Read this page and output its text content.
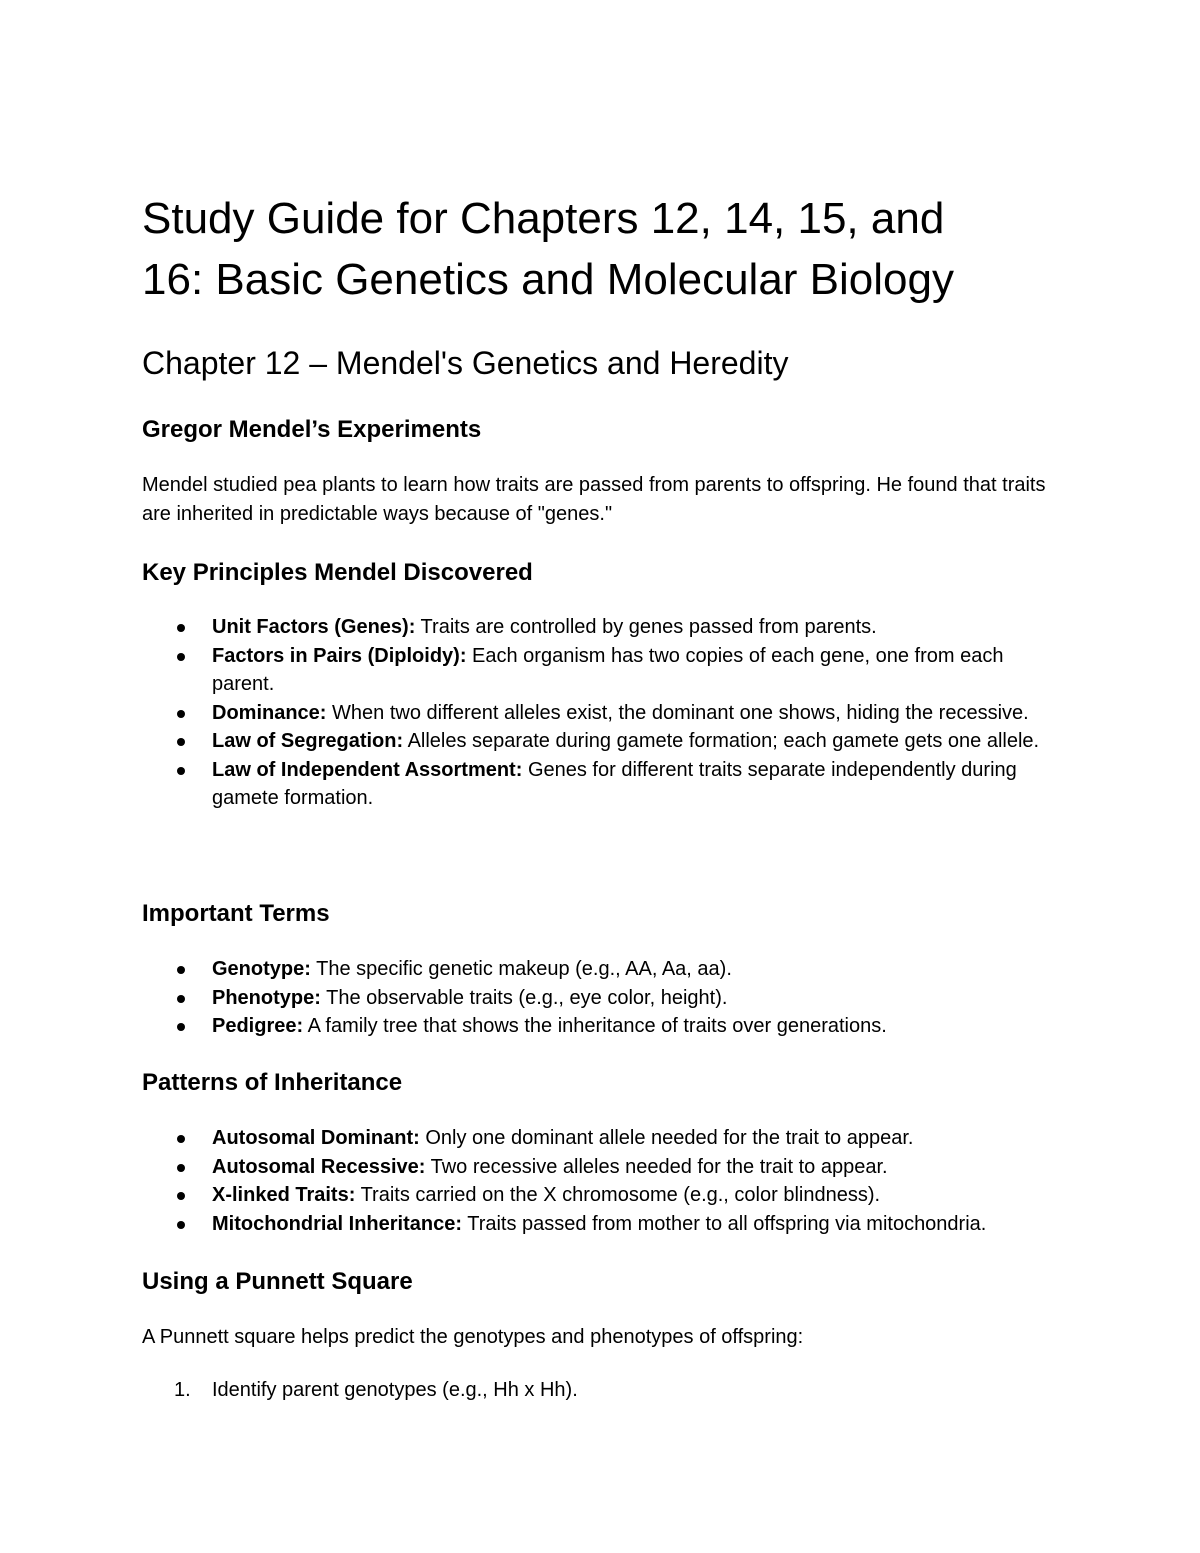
Study Guide for Chapters 12, 14, 15, and
16: Basic Genetics and Molecular Biology
Chapter 12 – Mendel's Genetics and Heredity
Gregor Mendel’s Experiments

Mendel studied pea plants to learn how traits are passed from parents to offspring. He found that traits are inherited in predictable ways because of "genes."

Key Principles Mendel Discovered
Unit Factors (Genes): Traits are controlled by genes passed from parents.
Factors in Pairs (Diploidy): Each organism has two copies of each gene, one from each parent.
Dominance: When two different alleles exist, the dominant one shows, hiding the recessive.
Law of Segregation: Alleles separate during gamete formation; each gamete gets one allele.
Law of Independent Assortment: Genes for different traits separate independently during gamete formation.
Important Terms
Genotype: The specific genetic makeup (e.g., AA, Aa, aa).
Phenotype: The observable traits (e.g., eye color, height).
Pedigree: A family tree that shows the inheritance of traits over generations.
Patterns of Inheritance
Autosomal Dominant: Only one dominant allele needed for the trait to appear.
Autosomal Recessive: Two recessive alleles needed for the trait to appear.
X-linked Traits: Traits carried on the X chromosome (e.g., color blindness).
Mitochondrial Inheritance: Traits passed from mother to all offspring via mitochondria.
Using a Punnett Square

A Punnett square helps predict the genotypes and phenotypes of offspring:

1. Identify parent genotypes (e.g., Hh x Hh).
